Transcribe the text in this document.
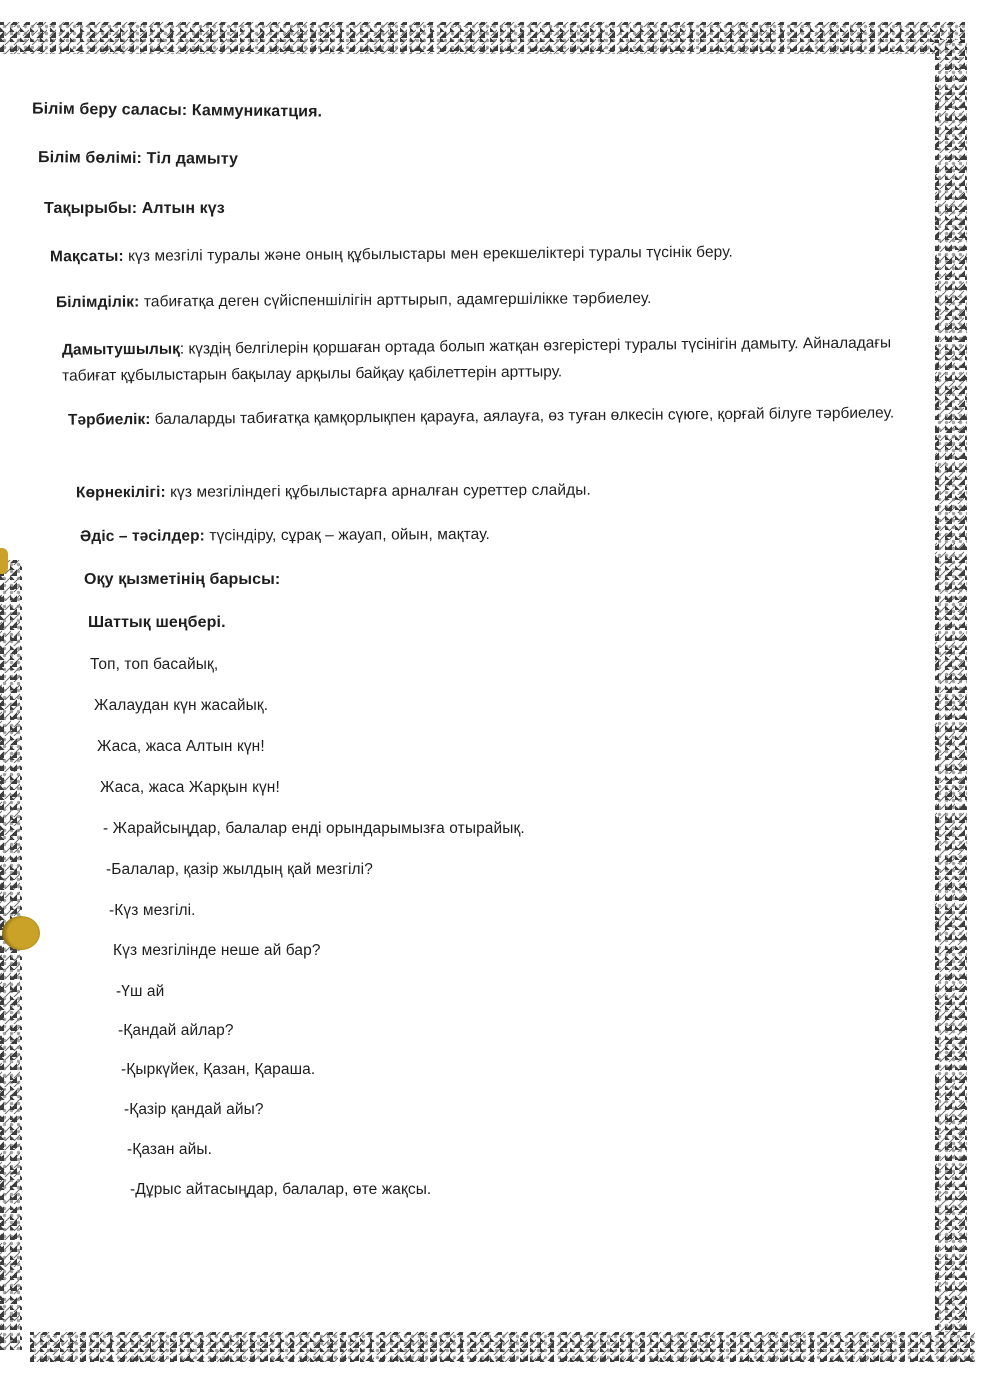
Білім беру саласы: Каммуникатция.
Білім бөлімі: Тіл дамыту
Тақырыбы: Алтын күз
Мақсаты: күз мезгілі туралы және оның құбылыстары мен ерекшеліктері туралы түсінік беру.
Білімділік: табиғатқа деген сүйіспеншілігін арттырып, адамгершілікке тәрбиелеу.
Дамытушылық: күздің белгілерін қоршаған ортада болып жатқан өзгерістері туралы түсінігін дамыту. Айналадағы табиғат құбылыстарын бақылау арқылы байқау қабілеттерін арттыру.
Тәрбиелік: балаларды табиғатқа қамқорлықпен қарауға, аялауға, өз туған өлкесін сүюге, қорғай білуге тәрбиелеу.
Көрнекілігі: күз мезгіліндегі құбылыстарға арналған суреттер слайды.
Әдіс – тәсілдер: түсіндіру, сұрақ – жауап, ойын, мақтау.
Оқу қызметінің барысы:
Шаттық шеңбері.
Топ, топ басайық,
Жалаудан күн жасайық.
Жаса, жаса Алтын күн!
Жаса, жаса Жарқын күн!
- Жарайсыңдар, балалар енді орындарымызға отырайық.
-Балалар, қазір жылдың қай мезгілі?
-Күз мезгілі.
Күз мезгілінде неше ай бар?
-Үш ай
-Қандай айлар?
-Қыркүйек, Қазан, Қараша.
-Қазір қандай айы?
-Қазан айы.
-Дұрыс айтасыңдар, балалар, өте жақсы.
